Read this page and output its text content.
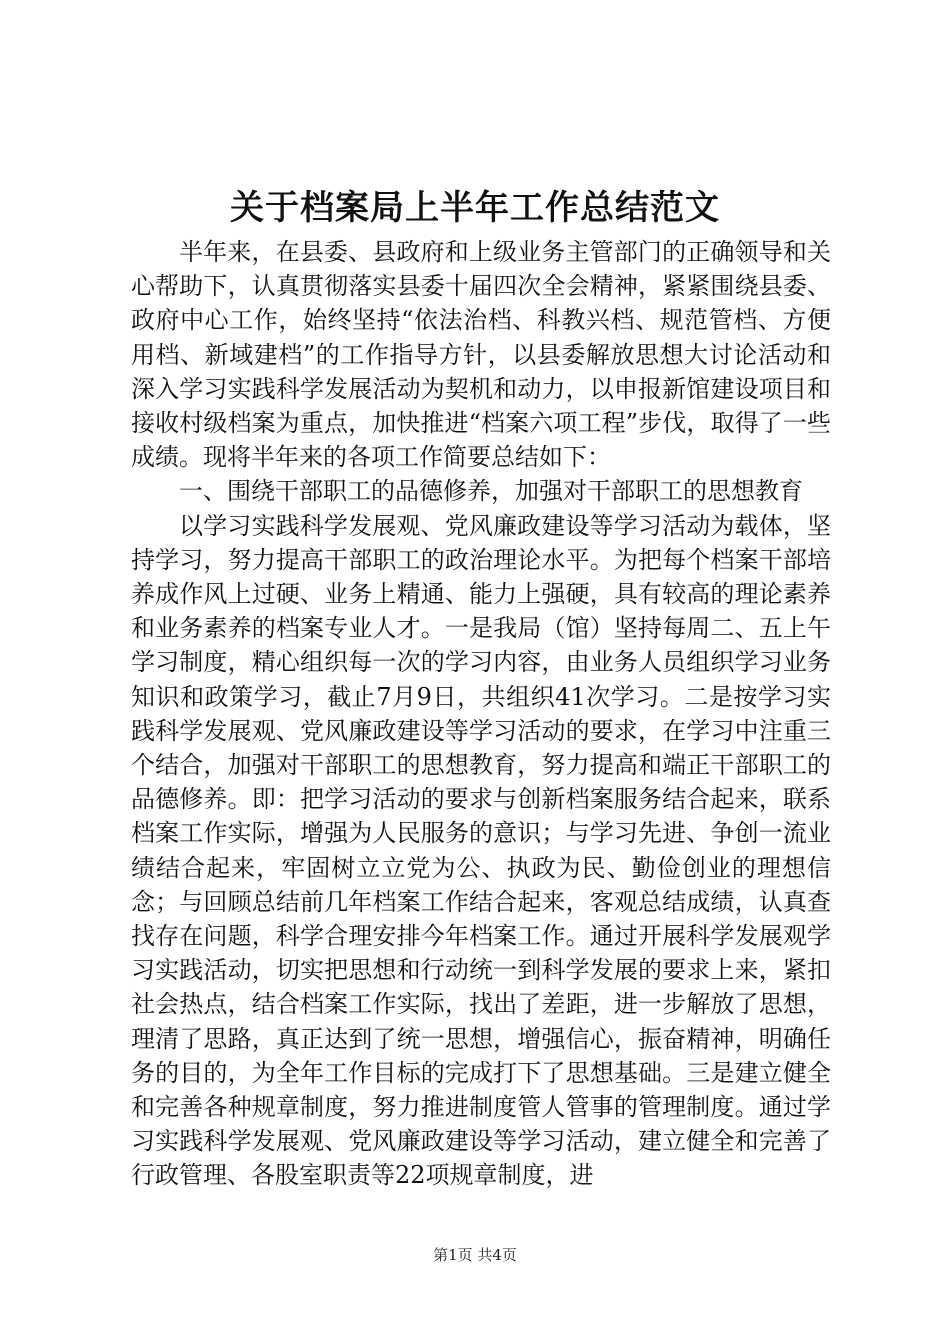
关于档案局上半年工作总结范文

半年来，在县委、县政府和上级业务主管部门的正确领导和关心帮助下，认真贯彻落实县委十届四次全会精神，紧紧围绕县委、政府中心工作，始终坚持“依法治档、科教兴档、规范管档、方便用档、新域建档”的工作指导方针，以县委解放思想大讨论活动和深入学习实践科学发展活动为契机和动力，以申报新馆建设项目和接收村级档案为重点，加快推进“档案六项工程”步伐，取得了一些成绩。现将半年来的各项工作简要总结如下：

一、围绕干部职工的品德修养，加强对干部职工的思想教育

以学习实践科学发展观、党风廉政建设等学习活动为载体，坚持学习，努力提高干部职工的政治理论水平。为把每个档案干部培养成作风上过硬、业务上精通、能力上强硬，具有较高的理论素养和业务素养的档案专业人才。一是我局（馆）坚持每周二、五上午学习制度，精心组织每一次的学习内容，由业务人员组织学习业务知识和政策学习，截止7月9日，共组织41次学习。二是按学习实践科学发展观、党风廉政建设等学习活动的要求，在学习中注重三个结合，加强对干部职工的思想教育，努力提高和端正干部职工的品德修养。即：把学习活动的要求与创新档案服务结合起来，联系档案工作实际，增强为人民服务的意识；与学习先进、争创一流业绩结合起来，牢固树立立党为公、执政为民、勤俭创业的理想信念；与回顾总结前几年档案工作结合起来，客观总结成绩，认真查找存在问题，科学合理安排今年档案工作。通过开展科学发展观学习实践活动，切实把思想和行动统一到科学发展的要求上来，紧扣社会热点，结合档案工作实际，找出了差距，进一步解放了思想，理清了思路，真正达到了统一思想，增强信心，振奋精神，明确任务的目的，为全年工作目标的完成打下了思想基础。三是建立健全和完善各种规章制度，努力推进制度管人管事的管理制度。通过学习实践科学发展观、党风廉政建设等学习活动，建立健全和完善了行政管理、各股室职责等22项规章制度，进

第1页 共4页
